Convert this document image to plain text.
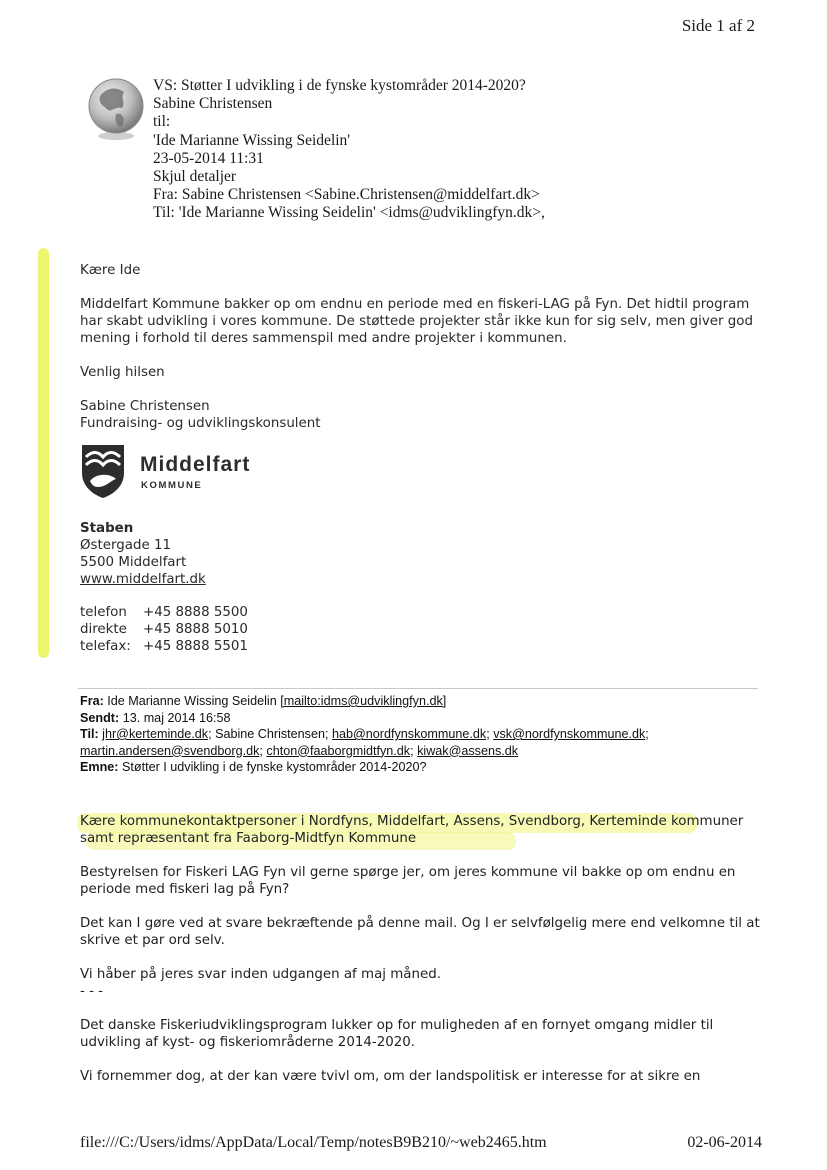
Side 1 af 2
VS: Støtter I udvikling i de fynske kystområder 2014-2020?
Sabine Christensen
til:
'Ide Marianne Wissing Seidelin'
23-05-2014 11:31
Skjul detaljer
Fra: Sabine Christensen <Sabine.Christensen@middelfart.dk>
Til: 'Ide Marianne Wissing Seidelin' <idms@udviklingfyn.dk>,

Kære Ide

Middelfart Kommune bakker op om endnu en periode med en fiskeri-LAG på Fyn. Det hidtil program har skabt udvikling i vores kommune. De støttede projekter står ikke kun for sig selv, men giver god mening i forhold til deres sammenspil med andre projekter i kommunen.

Venlig hilsen

Sabine Christensen

Fundraising- og udviklingskonsulent

Middelfart
KOMMUNE
Staben
Østergade 11
5500 Middelfart
www.middelfart.dk
telefon	+45 8888 5500
direkte	+45 8888 5010
telefax: +45 8888 5501
Fra: Ide Marianne Wissing Seidelin [mailto:idms@udviklingfyn.dk]
Sendt: 13. maj 2014 16:58
Til: jhr@kerteminde.dk; Sabine Christensen; hab@nordfynskommune.dk; vsk@nordfynskommune.dk;
martin.andersen@svendborg.dk; chton@faaborgmidtfyn.dk; kiwak@assens.dk
Emne: Støtter I udvikling i de fynske kystområder 2014-2020?

Kære kommunekontaktpersoner i Nordfyns, Middelfart, Assens, Svendborg, Kerteminde kommuner samt repræsentant fra Faaborg-Midtfyn Kommune

Bestyrelsen for Fiskeri LAG Fyn vil gerne spørge jer, om jeres kommune vil bakke op om endnu en periode med fiskeri lag på Fyn?

Det kan I gøre ved at svare bekræftende på denne mail. Og I er selvfølgelig mere end velkomne til at skrive et par ord selv.

Vi håber på jeres svar inden udgangen af maj måned.

- - -

Det danske Fiskeriudviklingsprogram lukker op for muligheden af en fornyet omgang midler til udvikling af kyst- og fiskeriområderne 2014-2020.

Vi fornemmer dog, at der kan være tvivl om, om der landspolitisk er interesse for at sikre en

file:///C:/Users/idms/AppData/Local/Temp/notesB9B210/~web2465.htm	02-06-2014
